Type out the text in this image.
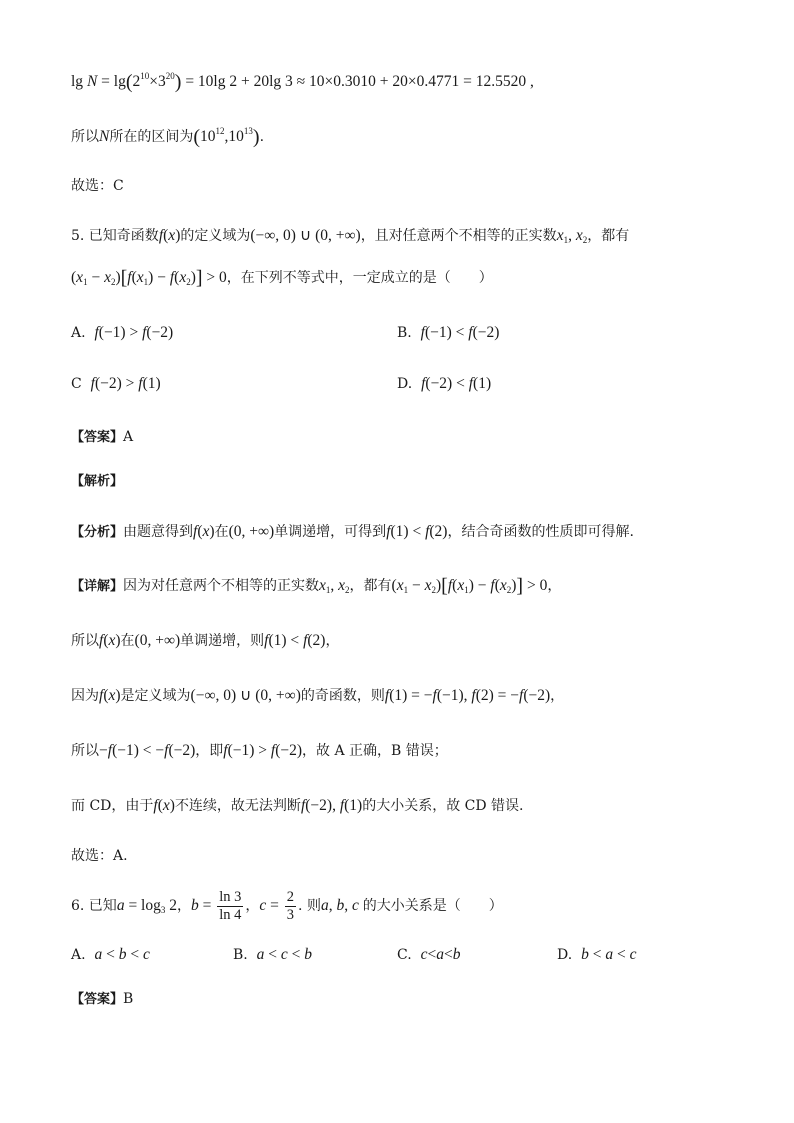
$\lg N = \lg(2^{10}\times 3^{20}) = 10\lg$ 2 + 20lg 3 ≈ 10×0.3010 + 20×0.4771 = 12.5520 ,
所以N所在的区间为$(10^{12},10^{13})$.
故选：C
5. 已知奇函数f(x)的定义域为(−∞, 0) ∪ (0, +∞)，且对任意两个不相等的正实数$x_1$, $x_2$，都有
$(x_1 - x_2)[f(x_1) - f(x_2)] > 0$，在下列不等式中，一定成立的是（　　）
A. f(−1) > f(−2)	B. f(−1) < f(−2)
C f(−2) > f(1)	D. f(−2) < f(1)
【答案】A
【解析】
【分析】由题意得到f(x)在(0, +∞)单调递增，可得到f(1) < f(2)，结合奇函数的性质即可得解.
【详解】因为对任意两个不相等的正实数$x_1$, $x_2$，都有$(x_1 - x_2)[f(x_1) - f(x_2)] > 0$，
所以f(x)在(0, +∞)单调递增，则f(1) < f(2)，
因为f(x)是定义域为(−∞, 0) ∪ (0, +∞)的奇函数，则f(1) = −f(−1), f(2) = −f(−2)，
所以−f(−1) < −f(−2)，即f(−1) > f(−2)，故 A 正确，B 错误；
而 CD，由于f(x)不连续，故无法判断f(−2), f(1)的大小关系，故 CD 错误.
故选：A.
6. 已知$a = \log_3 2$，$b = \frac{\ln 3}{\ln 4}$ ，$c = \frac{2}{3}$ . 则a, b, c 的大小关系是（　　）
A. a < b < c	B. a < c < b	C. c<a<b	D. b < a < c
【答案】B
